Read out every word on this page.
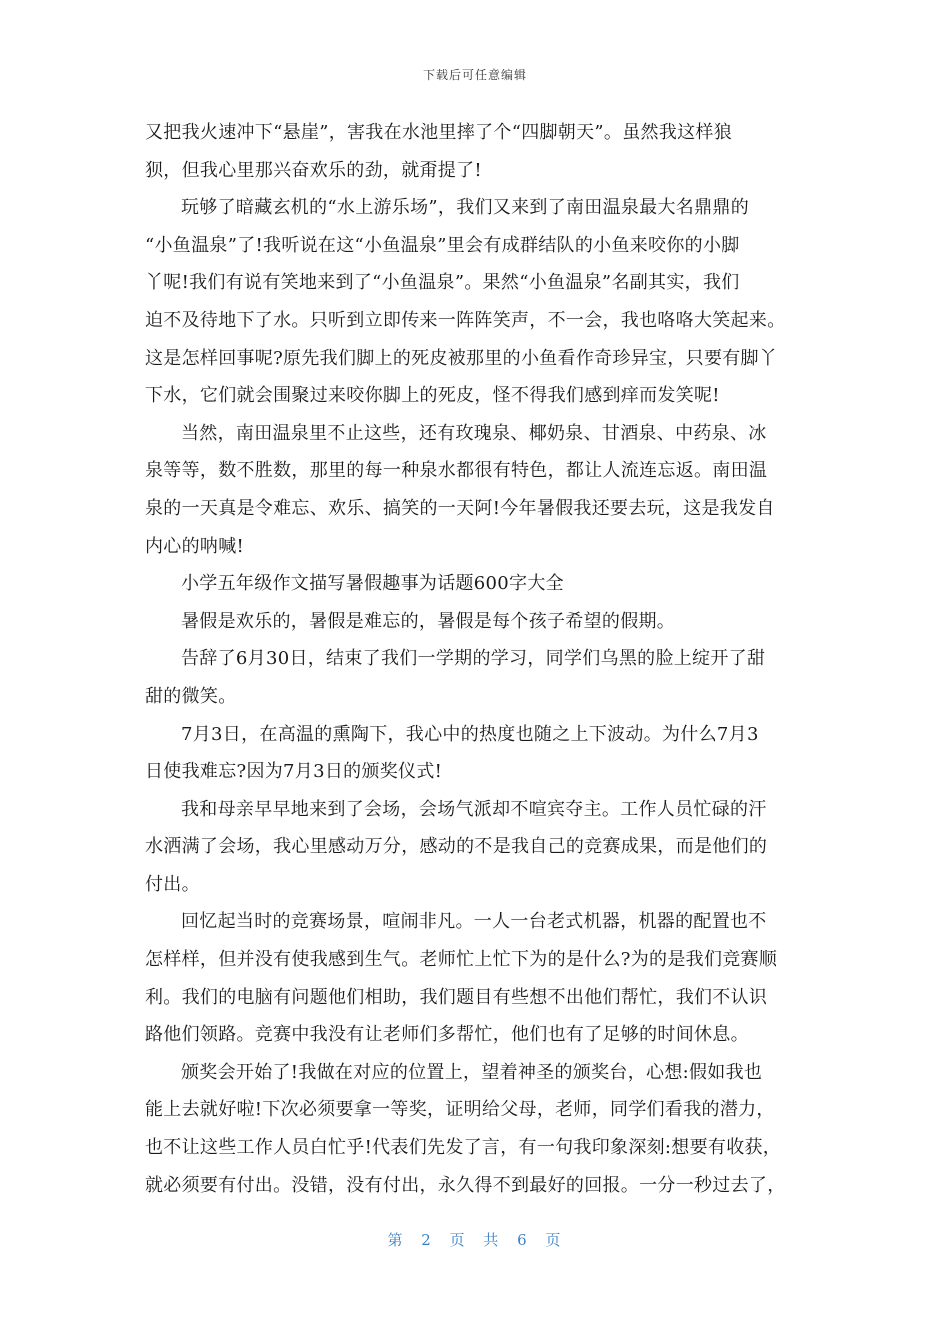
下载后可任意编辑
又把我火速冲下“悬崖”，害我在水池里摔了个“四脚朝天”。虽然我这样狼
狈，但我心里那兴奋欢乐的劲，就甭提了!
玩够了暗藏玄机的“水上游乐场”，我们又来到了南田温泉最大名鼎鼎的
“小鱼温泉”了!我听说在这“小鱼温泉”里会有成群结队的小鱼来咬你的小脚
丫呢!我们有说有笑地来到了“小鱼温泉”。果然“小鱼温泉”名副其实，我们
迫不及待地下了水。只听到立即传来一阵阵笑声，不一会，我也咯咯大笑起来。
这是怎样回事呢?原先我们脚上的死皮被那里的小鱼看作奇珍异宝，只要有脚丫
下水，它们就会围聚过来咬你脚上的死皮，怪不得我们感到痒而发笑呢!
当然，南田温泉里不止这些，还有玫瑰泉、椰奶泉、甘酒泉、中药泉、冰
泉等等，数不胜数，那里的每一种泉水都很有特色，都让人流连忘返。南田温
泉的一天真是令难忘、欢乐、搞笑的一天阿!今年暑假我还要去玩，这是我发自
内心的呐喊!
小学五年级作文描写暑假趣事为话题600字大全
暑假是欢乐的，暑假是难忘的，暑假是每个孩子希望的假期。
告辞了6月30日，结束了我们一学期的学习，同学们乌黑的脸上绽开了甜
甜的微笑。
7月3日，在高温的熏陶下，我心中的热度也随之上下波动。为什么7月3
日使我难忘?因为7月3日的颁奖仪式!
我和母亲早早地来到了会场，会场气派却不喧宾夺主。工作人员忙碌的汗
水洒满了会场，我心里感动万分，感动的不是我自己的竞赛成果，而是他们的
付出。
回忆起当时的竞赛场景，喧闹非凡。一人一台老式机器，机器的配置也不
怎样样，但并没有使我感到生气。老师忙上忙下为的是什么?为的是我们竞赛顺
利。我们的电脑有问题他们相助，我们题目有些想不出他们帮忙，我们不认识
路他们领路。竞赛中我没有让老师们多帮忙，他们也有了足够的时间休息。
颁奖会开始了!我做在对应的位置上，望着神圣的颁奖台，心想:假如我也
能上去就好啦!下次必须要拿一等奖，证明给父母，老师，同学们看我的潜力，
也不让这些工作人员白忙乎!代表们先发了言，有一句我印象深刻:想要有收获，
就必须要有付出。没错，没有付出，永久得不到最好的回报。一分一秒过去了，
第 2 页 共 6 页
